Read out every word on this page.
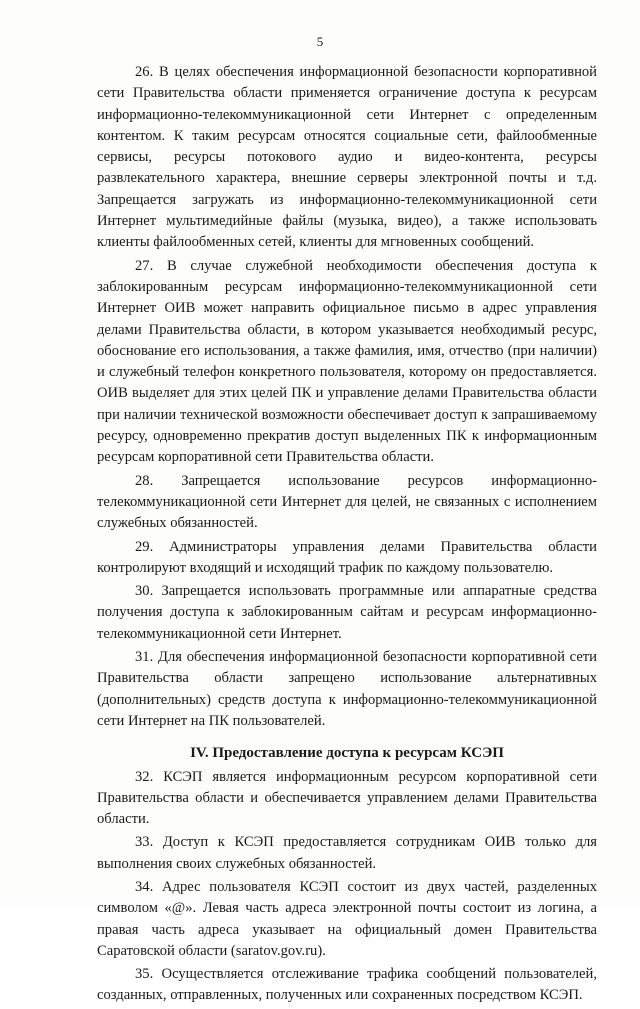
5

26. В целях обеспечения информационной безопасности корпоративной сети Правительства области применяется ограничение доступа к ресурсам информационно-телекоммуникационной сети Интернет с определенным контентом. К таким ресурсам относятся социальные сети, файлообменные сервисы, ресурсы потокового аудио и видео-контента, ресурсы развлекательного характера, внешние серверы электронной почты и т.д. Запрещается загружать из информационно-телекоммуникационной сети Интернет мультимедийные файлы (музыка, видео), а также использовать клиенты файлообменных сетей, клиенты для мгновенных сообщений.

27. В случае служебной необходимости обеспечения доступа к заблокированным ресурсам информационно-телекоммуникационной сети Интернет ОИВ может направить официальное письмо в адрес управления делами Правительства области, в котором указывается необходимый ресурс, обоснование его использования, а также фамилия, имя, отчество (при наличии) и служебный телефон конкретного пользователя, которому он предоставляется. ОИВ выделяет для этих целей ПК и управление делами Правительства области при наличии технической возможности обеспечивает доступ к запрашиваемому ресурсу, одновременно прекратив доступ выделенных ПК к информационным ресурсам корпоративной сети Правительства области.

28. Запрещается использование ресурсов информационно-телекоммуникационной сети Интернет для целей, не связанных с исполнением служебных обязанностей.

29. Администраторы управления делами Правительства области контролируют входящий и исходящий трафик по каждому пользователю.

30. Запрещается использовать программные или аппаратные средства получения доступа к заблокированным сайтам и ресурсам информационно-телекоммуникационной сети Интернет.

31. Для обеспечения информационной безопасности корпоративной сети Правительства области запрещено использование альтернативных (дополнительных) средств доступа к информационно-телекоммуникационной сети Интернет на ПК пользователей.

IV. Предоставление доступа к ресурсам КСЭП

32. КСЭП является информационным ресурсом корпоративной сети Правительства области и обеспечивается управлением делами Правительства области.

33. Доступ к КСЭП предоставляется сотрудникам ОИВ только для выполнения своих служебных обязанностей.

34. Адрес пользователя КСЭП состоит из двух частей, разделенных символом «@». Левая часть адреса электронной почты состоит из логина, а правая часть адреса указывает на официальный домен Правительства Саратовской области (saratov.gov.ru).

35. Осуществляется отслеживание трафика сообщений пользователей, созданных, отправленных, полученных или сохраненных посредством КСЭП.
